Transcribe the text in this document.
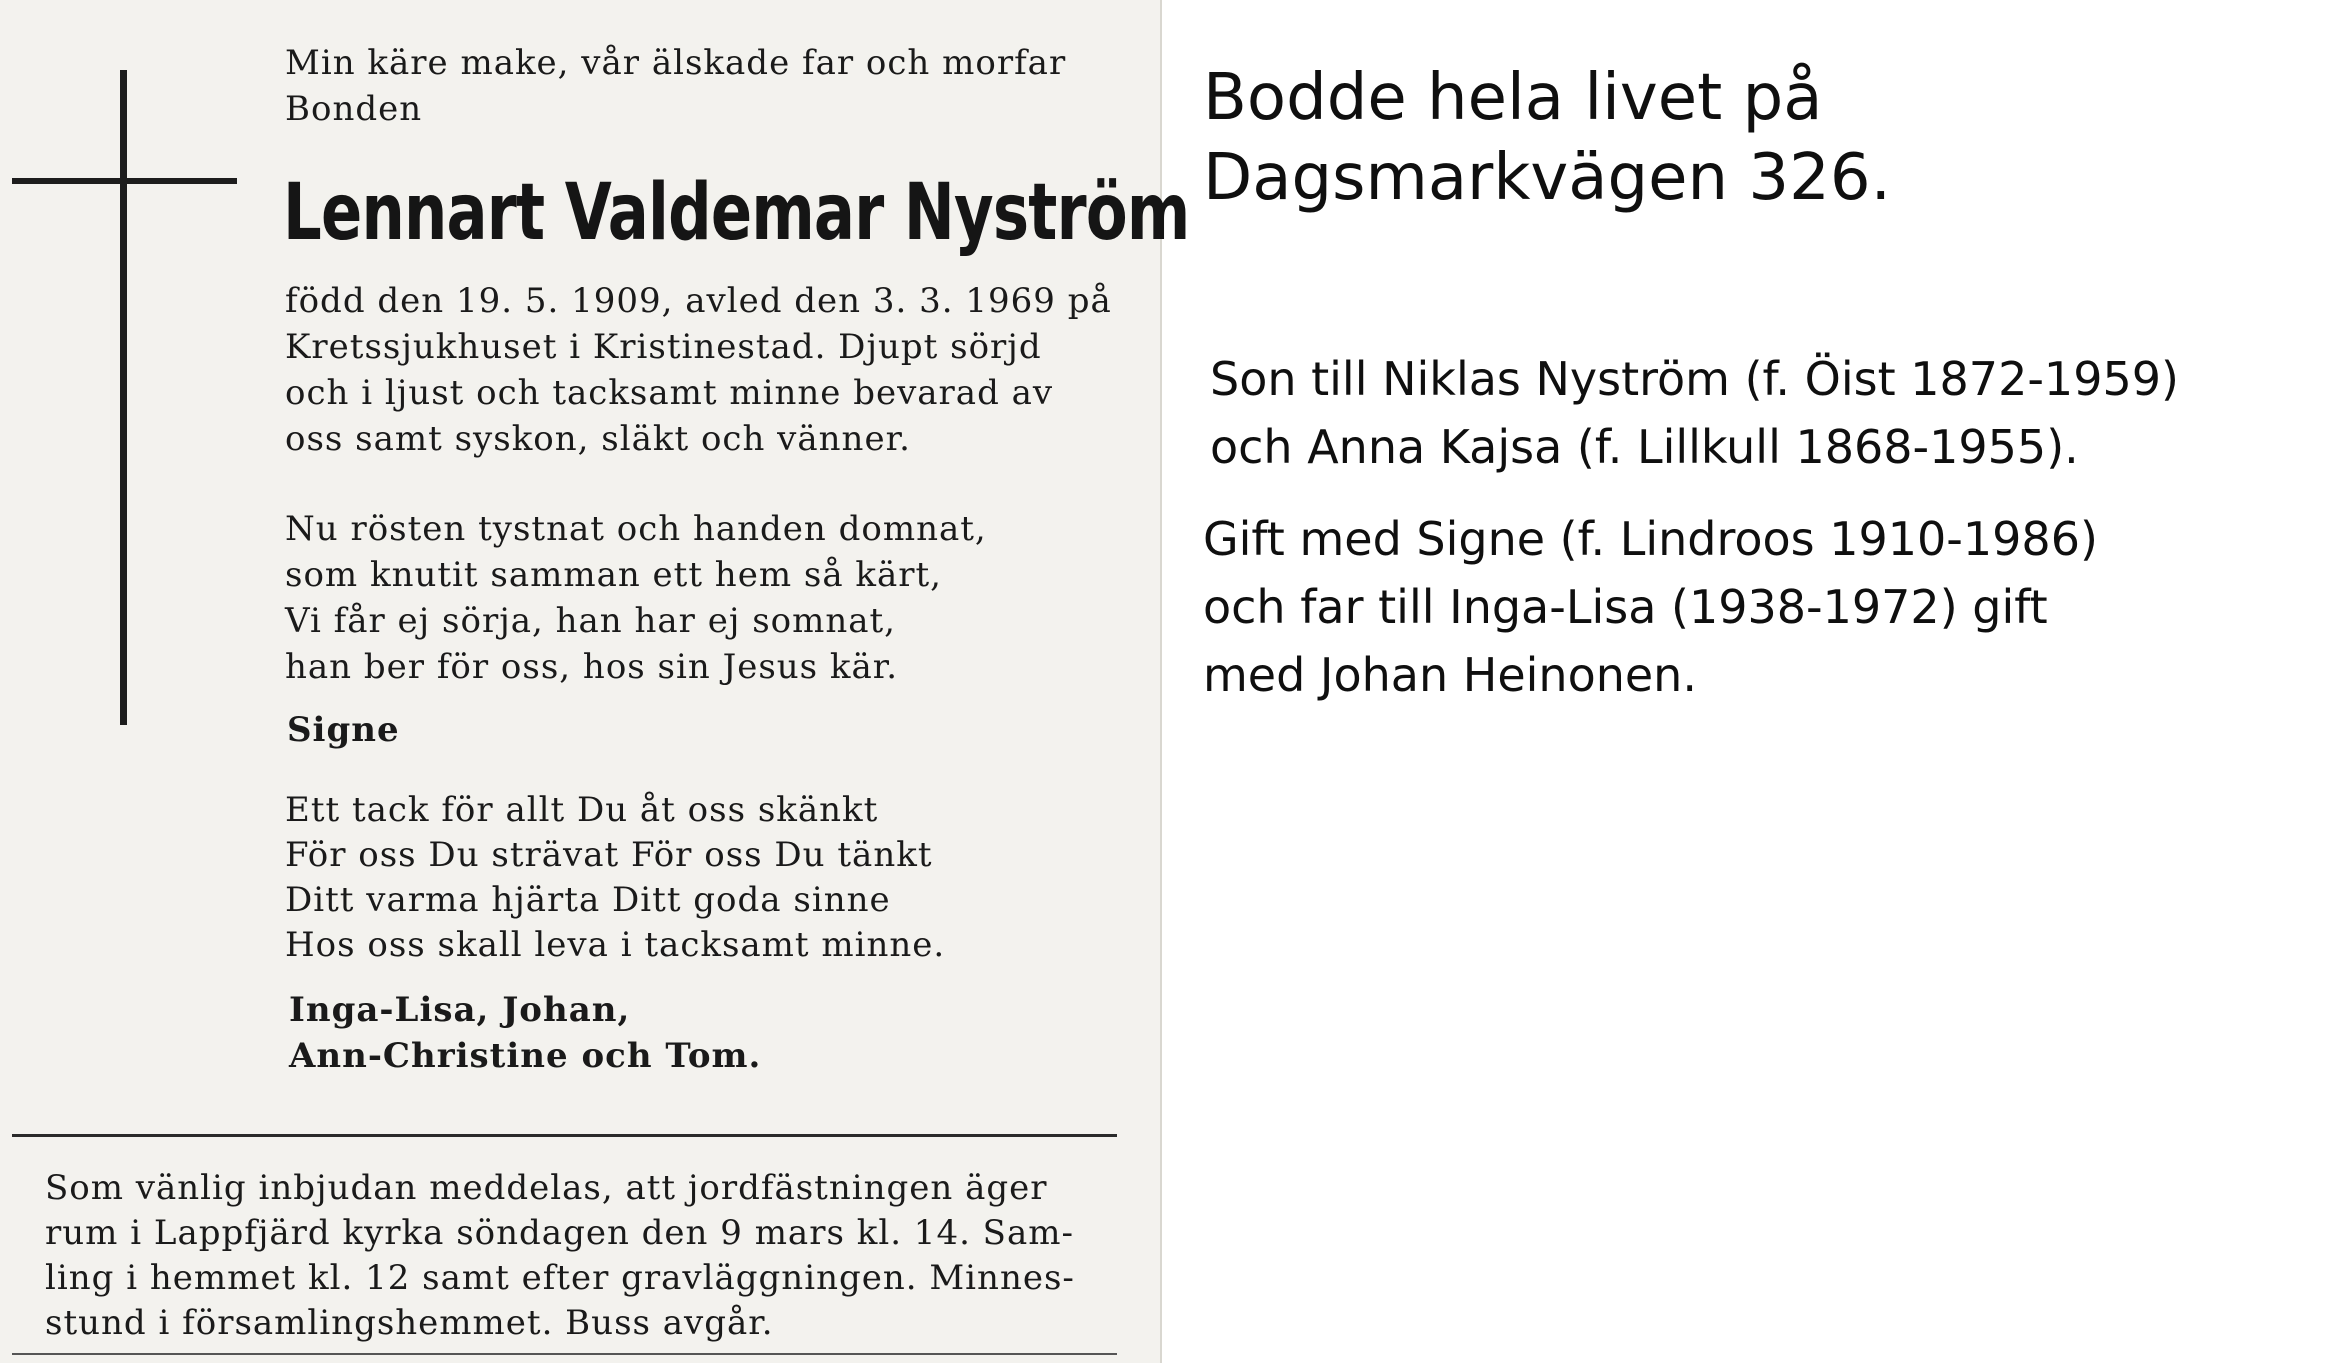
Min käre make, vår älskade far och morfar
Bonden
Lennart Valdemar Nyström
född den 19. 5. 1909, avled den 3. 3. 1969 på
Kretssjukhuset i Kristinestad. Djupt sörjd
och i ljust och tacksamt minne bevarad av
oss samt syskon, släkt och vänner.
Nu rösten tystnat och handen domnat,
som knutit samman ett hem så kärt,
Vi får ej sörja, han har ej somnat,
han ber för oss, hos sin Jesus kär.
Signe
Ett tack för allt Du åt oss skänkt
För oss Du strävat För oss Du tänkt
Ditt varma hjärta Ditt goda sinne
Hos oss skall leva i tacksamt minne.
Inga-Lisa, Johan,
Ann-Christine och Tom.
Som vänlig inbjudan meddelas, att jordfästningen äger
rum i Lappfjärd kyrka söndagen den 9 mars kl. 14. Sam-
ling i hemmet kl. 12 samt efter gravläggningen. Minnes-
stund i församlingshemmet. Buss avgår.
Bodde hela livet på
Dagsmarkvägen 326.
Son till Niklas Nyström (f. Öist 1872-1959)
och Anna Kajsa (f. Lillkull 1868-1955).
Gift med Signe (f. Lindroos 1910-1986)
och far till Inga-Lisa (1938-1972) gift
med Johan Heinonen.
